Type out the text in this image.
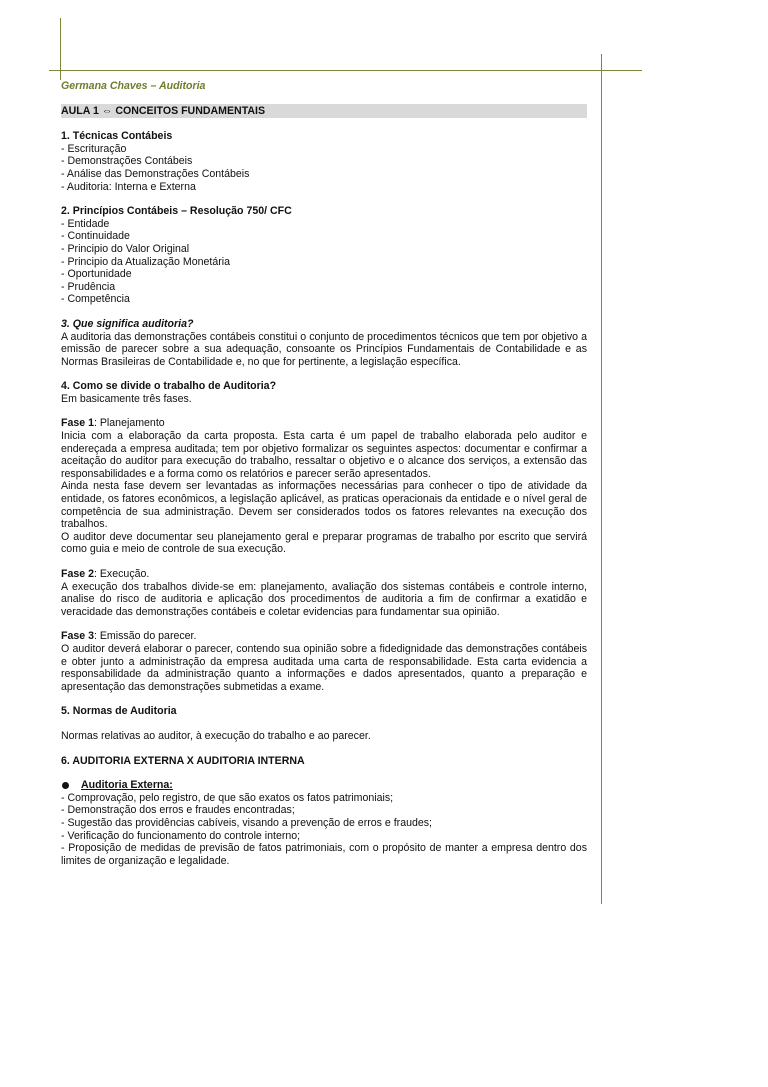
Germana Chaves – Auditoria

AULA 1 ⇔ CONCEITOS FUNDAMENTAIS

1. Técnicas Contábeis

- Escrituração

- Demonstrações Contábeis

- Análise das Demonstrações Contábeis

- Auditoria: Interna e Externa

2. Princípios Contábeis – Resolução 750/ CFC

- Entidade

- Continuidade

- Principio do Valor Original

- Principio da Atualização Monetária

- Oportunidade

- Prudência

- Competência

3. Que significa auditoria?

A auditoria das demonstrações contábeis constitui o conjunto de procedimentos técnicos que tem por objetivo a emissão de parecer sobre a sua adequação, consoante os Princípios Fundamentais de Contabilidade e as Normas Brasileiras de Contabilidade e, no que for pertinente, a legislação específica.

4. Como se divide o trabalho de Auditoria?

Em basicamente três fases.

Fase 1: Planejamento

Inicia com a elaboração da carta proposta. Esta carta é um papel de trabalho elaborada pelo auditor e endereçada a empresa auditada; tem por objetivo formalizar os seguintes aspectos: documentar e confirmar a aceitação do auditor para execução do trabalho, ressaltar o objetivo e o alcance dos serviços, a extensão das responsabilidades e a forma como os relatórios e parecer serão apresentados.

Ainda nesta fase devem ser levantadas as informações necessárias para conhecer o tipo de atividade da entidade, os fatores econômicos, a legislação aplicável, as praticas operacionais da entidade e o nível geral de competência de sua administração. Devem ser considerados todos os fatores relevantes na execução dos trabalhos.

O auditor deve documentar seu planejamento geral e preparar programas de trabalho por escrito que servirá como guia e meio de controle de sua execução.

Fase 2: Execução.

A execução dos trabalhos divide-se em: planejamento, avaliação dos sistemas contábeis e controle interno, analise do risco de auditoria e aplicação dos procedimentos de auditoria a fim de confirmar a exatidão e veracidade das demonstrações contábeis e coletar evidencias para fundamentar sua opinião.

Fase 3: Emissão do parecer.

O auditor deverá elaborar o parecer, contendo sua opinião sobre a fidedignidade das demonstrações contábeis e obter junto a administração da empresa auditada uma carta de responsabilidade. Esta carta evidencia a responsabilidade da administração quanto a informações e dados apresentados, quanto a preparação e apresentação das demonstrações submetidas a exame.

5. Normas de Auditoria

Normas relativas ao auditor, à execução do trabalho e ao parecer.

6. AUDITORIA EXTERNA X AUDITORIA INTERNA

Auditoria Externa:

- Comprovação, pelo registro, de que são exatos os fatos patrimoniais;

- Demonstração dos erros e fraudes encontradas;

- Sugestão das providências cabíveis, visando a prevenção de erros e fraudes;

- Verificação do funcionamento do controle interno;

- Proposição de medidas de previsão de fatos patrimoniais, com o propósito de manter a empresa dentro dos limites de organização e legalidade.
